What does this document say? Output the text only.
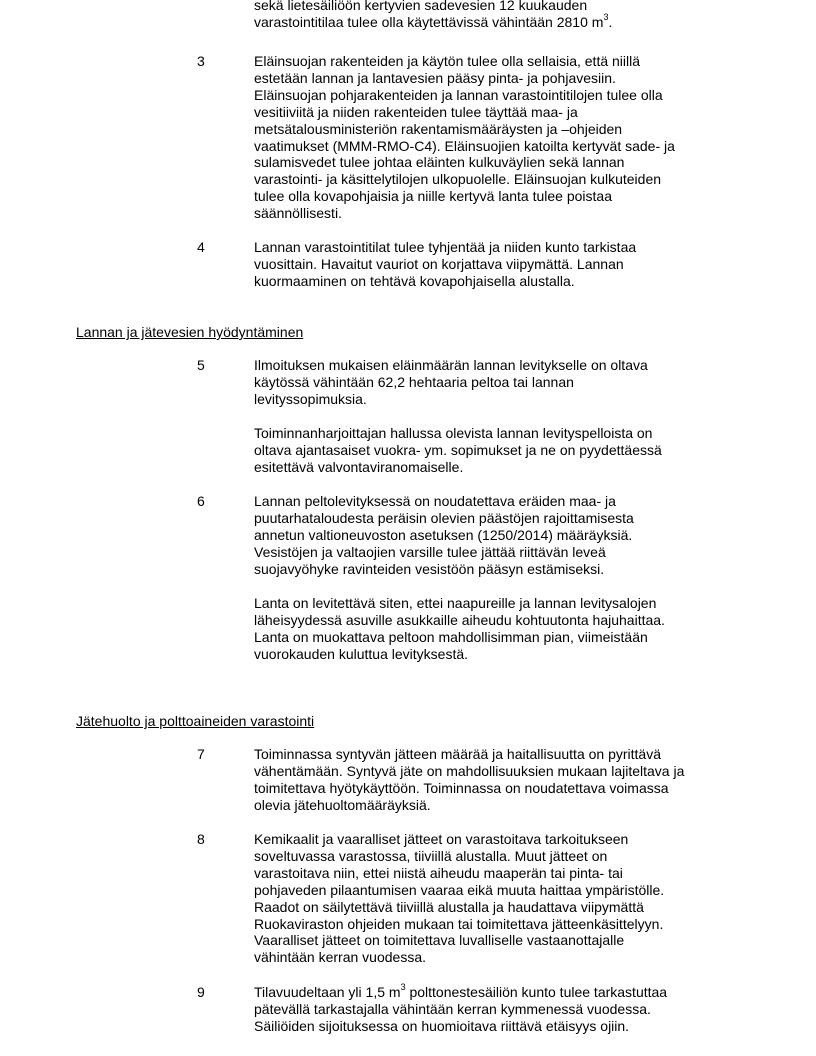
sekä lietesäiliöön kertyvien sadevesien 12 kuukauden
varastointitilaa tulee olla käytettävissä vähintään 2810 $m^3$.

3	Eläinsuojan rakenteiden ja käytön tulee olla sellaisia, että niillä estetään lannan ja lantavesien pääsy pinta- ja pohjavesiin. Eläinsuojan pohjarakenteiden ja lannan varastointitilojen tulee olla vesitiiviitä ja niiden rakenteiden tulee täyttää maa- ja metsätalousministeriön rakentamismääräysten ja –ohjeiden vaatimukset (MMM-RMO-C4). Eläinsuojien katoilta kertyvät sade- ja sulamisvedet tulee johtaa eläinten kulkuväylien sekä lannan varastointi- ja käsittelytilojen ulkopuolelle. Eläinsuojan kulkuteiden tulee olla kovapohjaisia ja niille kertyvä lanta tulee poistaa säännöllisesti.

4	Lannan varastointitilat tulee tyhjentää ja niiden kunto tarkistaa vuosittain. Havaitut vauriot on korjattava viipymättä. Lannan kuormaaminen on tehtävä kovapohjaisella alustalla.

Lannan ja jätevesien hyödyntäminen
5	Ilmoituksen mukaisen eläinmäärän lannan levitykselle on oltava käytössä vähintään 62,2 hehtaaria peltoa tai lannan levityssopimuksia.

Toiminnanharjoittajan hallussa olevista lannan levityspelloista on oltava ajantasaiset vuokra- ym. sopimukset ja ne on pyydettäessä esitettävä valvontaviranomaiselle.

6	Lannan peltolevityksessä on noudatettava eräiden maa- ja puutarhataloudesta peräisin olevien päästöjen rajoittamisesta annetun valtioneuvoston asetuksen (1250/2014) määräyksiä. Vesistöjen ja valtaojien varsille tulee jättää riittävän leveä suojavyöhyke ravinteiden vesistöön pääsyn estämiseksi.

Lanta on levitettävä siten, ettei naapureille ja lannan levitysalojen läheisyydessä asuville asukkaille aiheudu kohtuutonta hajuhaittaa. Lanta on muokattava peltoon mahdollisimman pian, viimeistään vuorokauden kuluttua levityksestä.

Jätehuolto ja polttoaineiden varastointi
7	Toiminnassa syntyvän jätteen määrää ja haitallisuutta on pyrittävä vähentämään. Syntyvä jäte on mahdollisuuksien mukaan lajiteltava ja toimitettava hyötykäyttöön. Toiminnassa on noudatettava voimassa olevia jätehuoltomääräyksiä.

8	Kemikaalit ja vaaralliset jätteet on varastoitava tarkoitukseen soveltuvassa varastossa, tiiviillä alustalla. Muut jätteet on varastoitava niin, ettei niistä aiheudu maaperän tai pinta- tai pohjaveden pilaantumisen vaaraa eikä muuta haittaa ympäristölle. Raadot on säilytettävä tiiviillä alustalla ja haudattava viipymättä Ruokaviraston ohjeiden mukaan tai toimitettava jätteenkäsittelyyn. Vaaralliset jätteet on toimitettava luvalliselle vastaanottajalle vähintään kerran vuodessa.

9	Tilavuudeltaan yli 1,5 $m^3$ polttonestesäiliön kunto tulee tarkastuttaa pätevällä tarkastajalla vähintään kerran kymmenessä vuodessa. Säiliöiden sijoituksessa on huomioitava riittävä etäisyys ojiin.
